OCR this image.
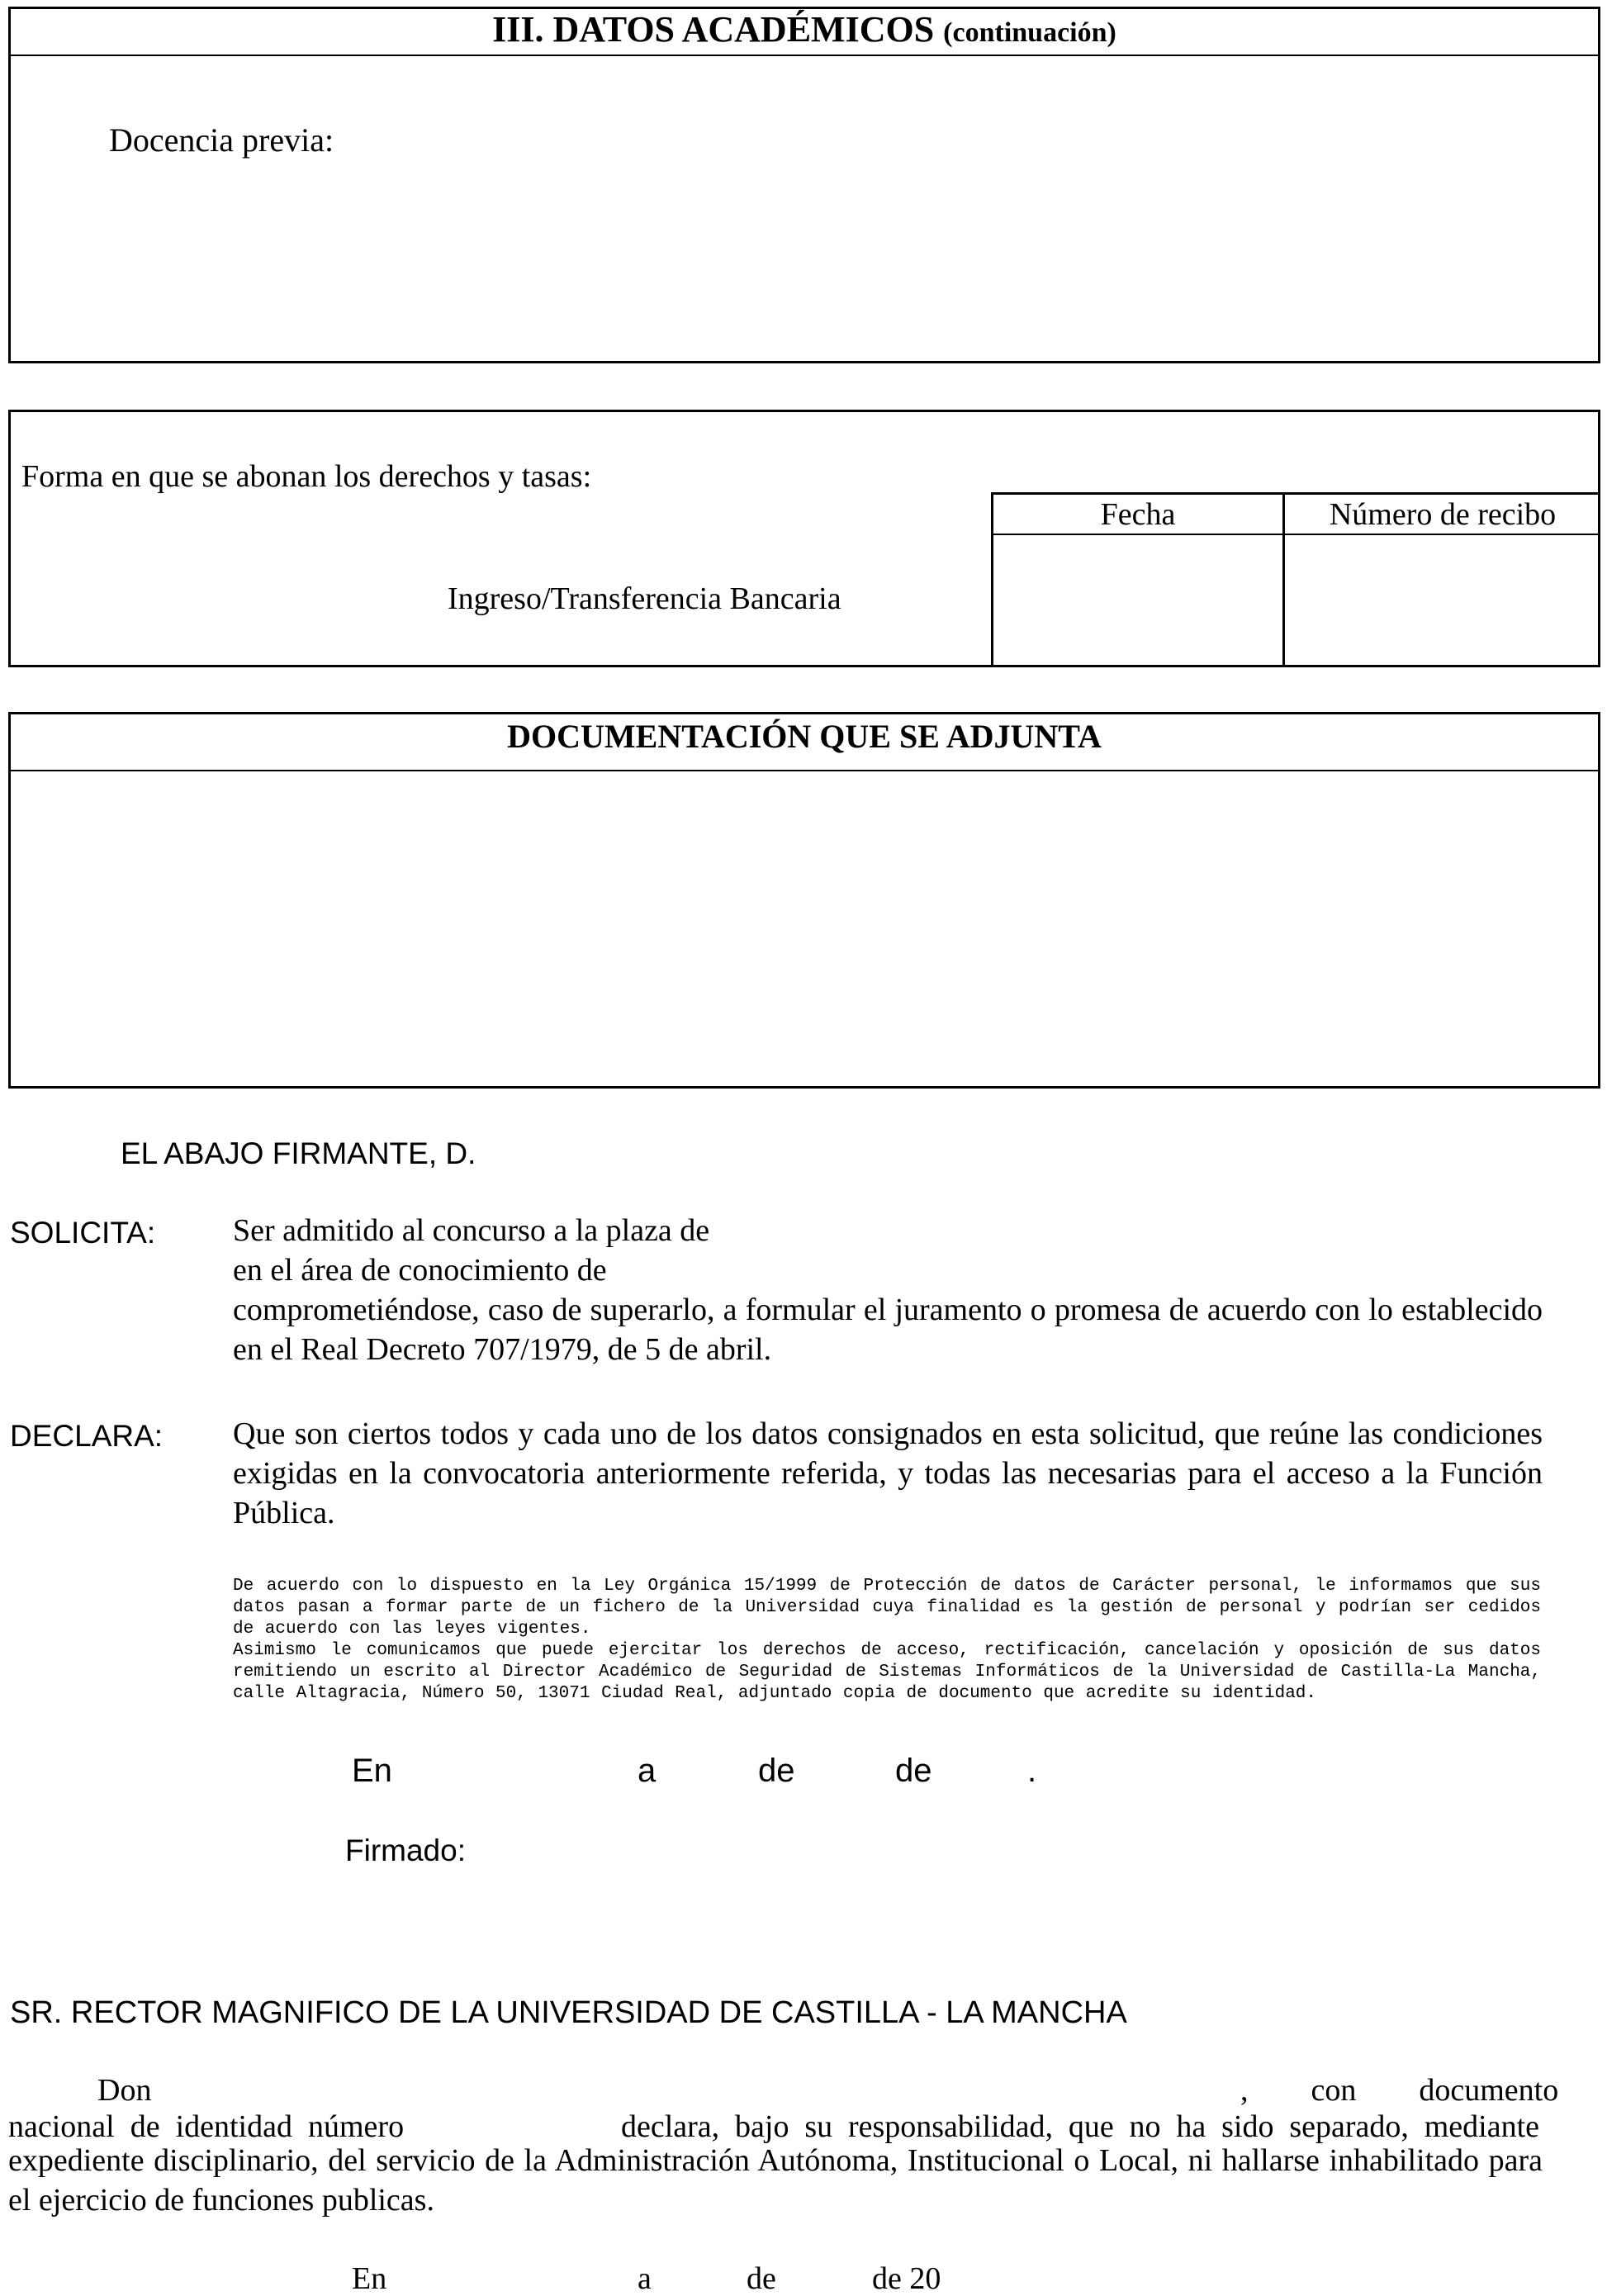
III. DATOS ACADÉMICOS (continuación)
Docencia previa:
Forma en que se abonan los derechos y tasas:
Ingreso/Transferencia Bancaria
Fecha	Número de recibo
DOCUMENTACIÓN QUE SE ADJUNTA
EL ABAJO FIRMANTE, D.
SOLICITA: Ser admitido al concurso a la plaza de
en el área de conocimiento de
comprometiéndose, caso de superarlo, a formular el juramento o promesa de acuerdo con lo establecido en el Real Decreto 707/1979, de 5 de abril.
DECLARA: Que son ciertos todos y cada uno de los datos consignados en esta solicitud, que reúne las condiciones exigidas en la convocatoria anteriormente referida, y todas las necesarias para el acceso a la Función Pública.
De acuerdo con lo dispuesto en la Ley Orgánica 15/1999 de Protección de datos de Carácter personal, le informamos que sus datos pasan a formar parte de un fichero de la Universidad cuya finalidad es la gestión de personal y podrían ser cedidos de acuerdo con las leyes vigentes.
Asimismo le comunicamos que puede ejercitar los derechos de acceso, rectificación, cancelación y oposición de sus datos remitiendo un escrito al Director Académico de Seguridad de Sistemas Informáticos de la Universidad de Castilla-La Mancha, calle Altagracia, Número 50, 13071 Ciudad Real, adjuntado copia de documento que acredite su identidad.
En	a	de	de	.
Firmado:
SR. RECTOR MAGNIFICO DE LA UNIVERSIDAD DE CASTILLA - LA MANCHA
Don	,        con        documento
nacional  de  identidad  número	declara, bajo su responsabilidad, que no ha sido separado, mediante
expediente disciplinario, del servicio de la Administración Autónoma, Institucional o Local, ni hallarse inhabilitado para el ejercicio de funciones publicas.
En	a	de	de 20
